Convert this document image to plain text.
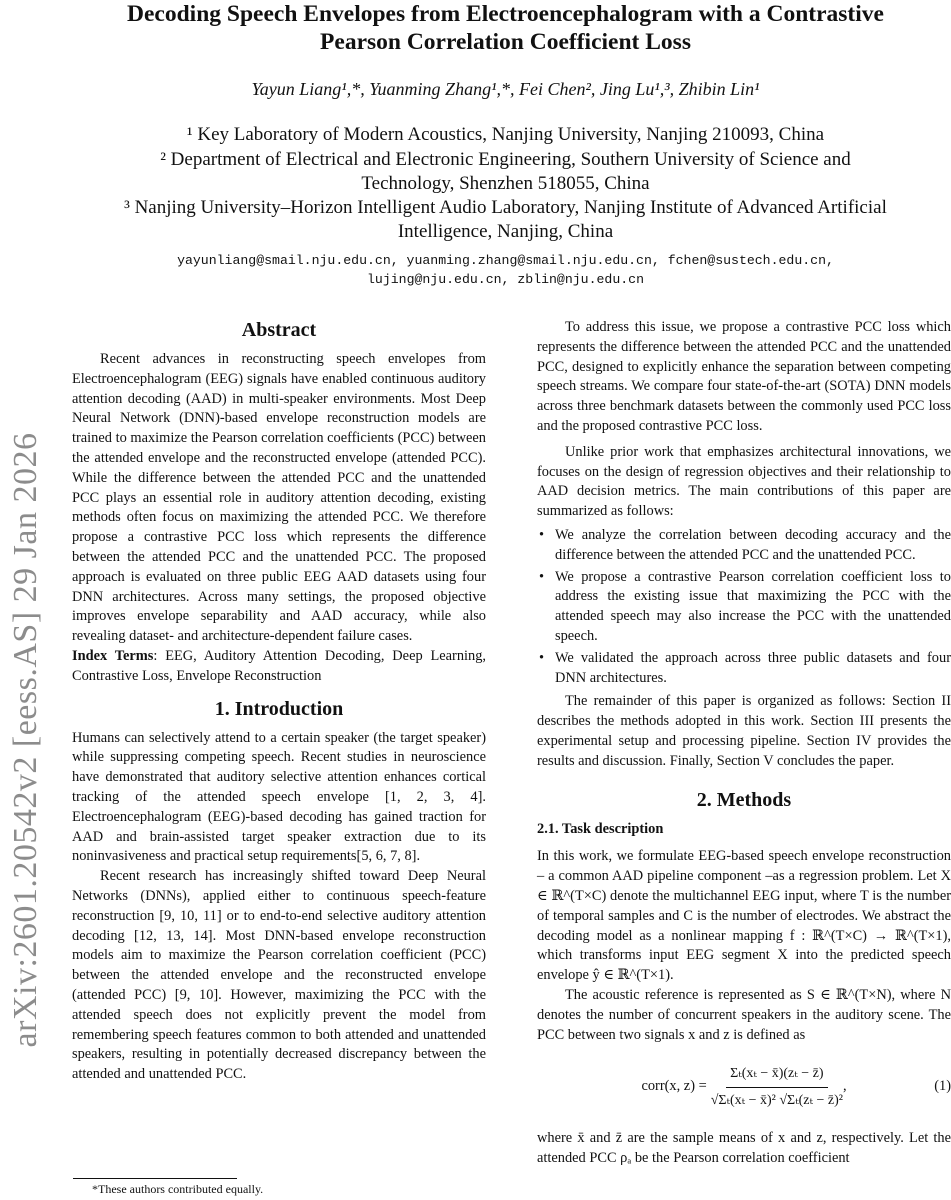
arXiv:2601.20542v2 [eess.AS] 29 Jan 2026
Decoding Speech Envelopes from Electroencephalogram with a Contrastive
Pearson Correlation Coefficient Loss
Yayun Liang¹,*, Yuanming Zhang¹,*, Fei Chen², Jing Lu¹,³, Zhibin Lin¹
¹ Key Laboratory of Modern Acoustics, Nanjing University, Nanjing 210093, China
² Department of Electrical and Electronic Engineering, Southern University of Science and
Technology, Shenzhen 518055, China
³ Nanjing University–Horizon Intelligent Audio Laboratory, Nanjing Institute of Advanced Artificial
Intelligence, Nanjing, China
yayunliang@smail.nju.edu.cn, yuanming.zhang@smail.nju.edu.cn, fchen@sustech.edu.cn,
lujing@nju.edu.cn, zblin@nju.edu.cn
Abstract

Recent advances in reconstructing speech envelopes from Electroencephalogram (EEG) signals have enabled continuous auditory attention decoding (AAD) in multi-speaker environments. Most Deep Neural Network (DNN)-based envelope reconstruction models are trained to maximize the Pearson correlation coefficients (PCC) between the attended envelope and the reconstructed envelope (attended PCC). While the difference between the attended PCC and the unattended PCC plays an essential role in auditory attention decoding, existing methods often focus on maximizing the attended PCC. We therefore propose a contrastive PCC loss which represents the difference between the attended PCC and the unattended PCC. The proposed approach is evaluated on three public EEG AAD datasets using four DNN architectures. Across many settings, the proposed objective improves envelope separability and AAD accuracy, while also revealing dataset- and architecture-dependent failure cases.

Index Terms: EEG, Auditory Attention Decoding, Deep Learning, Contrastive Loss, Envelope Reconstruction

1. Introduction

Humans can selectively attend to a certain speaker (the target speaker) while suppressing competing speech. Recent studies in neuroscience have demonstrated that auditory selective attention enhances cortical tracking of the attended speech envelope [1, 2, 3, 4]. Electroencephalogram (EEG)-based decoding has gained traction for AAD and brain-assisted target speaker extraction due to its noninvasiveness and practical setup requirements[5, 6, 7, 8].

Recent research has increasingly shifted toward Deep Neural Networks (DNNs), applied either to continuous speech-feature reconstruction [9, 10, 11] or to end-to-end selective auditory attention decoding [12, 13, 14]. Most DNN-based envelope reconstruction models aim to maximize the Pearson correlation coefficient (PCC) between the attended envelope and the reconstructed envelope (attended PCC) [9, 10]. However, maximizing the PCC with the attended speech does not explicitly prevent the model from remembering speech features common to both attended and unattended speakers, resulting in potentially decreased discrepancy between the attended and unattended PCC.

To address this issue, we propose a contrastive PCC loss which represents the difference between the attended PCC and the unattended PCC, designed to explicitly enhance the separation between competing speech streams. We compare four state-of-the-art (SOTA) DNN models across three benchmark datasets between the commonly used PCC loss and the proposed contrastive PCC loss.

Unlike prior work that emphasizes architectural innovations, we focuses on the design of regression objectives and their relationship to AAD decision metrics. The main contributions of this paper are summarized as follows:

• We analyze the correlation between decoding accuracy and the difference between the attended PCC and the unattended PCC.
• We propose a contrastive Pearson correlation coefficient loss to address the existing issue that maximizing the PCC with the attended speech may also increase the PCC with the unattended speech.
• We validated the approach across three public datasets and four DNN architectures.

The remainder of this paper is organized as follows: Section II describes the methods adopted in this work. Section III presents the experimental setup and processing pipeline. Section IV provides the results and discussion. Finally, Section V concludes the paper.

2. Methods
2.1. Task description

In this work, we formulate EEG-based speech envelope reconstruction – a common AAD pipeline component –as a regression problem. Let X ∈ ℝ^(T×C) denote the multichannel EEG input, where T is the number of temporal samples and C is the number of electrodes. We abstract the decoding model as a nonlinear mapping f : ℝ^(T×C) → ℝ^(T×1), which transforms input EEG segment X into the predicted speech envelope ŷ ∈ ℝ^(T×1).

The acoustic reference is represented as S ∈ ℝ^(T×N), where N denotes the number of concurrent speakers in the auditory scene. The PCC between two signals x and z is defined as

corr(x, $z) = \frac{\text{Σₜ(xₜ − x̄)(zₜ − z̄)}}{\text{√Σₜ(xₜ − x̄)² √Σₜ(zₜ − z̄)²}}$ ,	(1)

where x̄ and z̄ are the sample means of x and z, respectively. Let the attended PCC ρₐ be the Pearson correlation coefficient

*These authors contributed equally.
